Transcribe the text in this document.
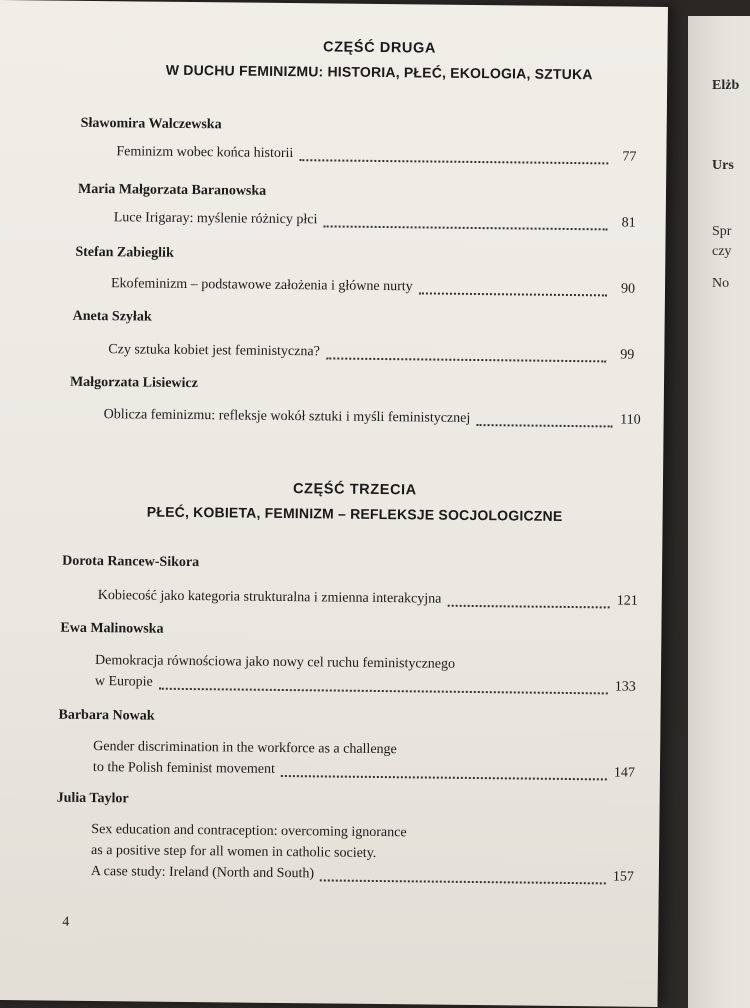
Elżb
Urs
Spr
czy
No
CZĘŚĆ DRUGA
W DUCHU FEMINIZMU: HISTORIA, PŁEĆ, EKOLOGIA, SZTUKA
Sławomira Walczewska
Feminizm wobec końca historii	77
Maria Małgorzata Baranowska
Luce Irigaray: myślenie różnicy płci	81
Stefan Zabieglik
Ekofeminizm – podstawowe założenia i główne nurty	90
Aneta Szyłak
Czy sztuka kobiet jest feministyczna?	99
Małgorzata Lisiewicz
Oblicza feminizmu: refleksje wokół sztuki i myśli feministycznej	110
CZĘŚĆ TRZECIA
PŁEĆ, KOBIETA, FEMINIZM – REFLEKSJE SOCJOLOGICZNE
Dorota Rancew-Sikora
Kobiecość jako kategoria strukturalna i zmienna interakcyjna	121
Ewa Malinowska
Demokracja równościowa jako nowy cel ruchu feministycznego
w Europie	133
Barbara Nowak
Gender discrimination in the workforce as a challenge
to the Polish feminist movement	147
Julia Taylor
Sex education and contraception: overcoming ignorance
as a positive step for all women in catholic society.
A case study: Ireland (North and South)	157
4
